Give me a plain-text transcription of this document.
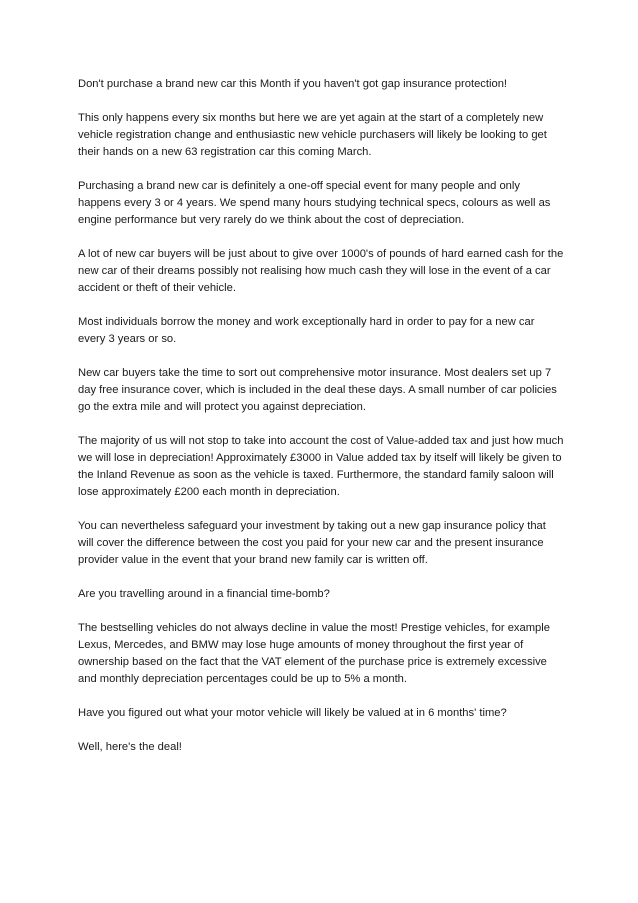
Don't purchase a brand new car this Month if you haven't got gap insurance protection!

This only happens every six months but here we are yet again at the start of a completely new vehicle registration change and enthusiastic new vehicle purchasers will likely be looking to get their hands on a new 63 registration car this coming March.

Purchasing a brand new car is definitely a one-off special event for many people and only happens every 3 or 4 years. We spend many hours studying technical specs, colours as well as engine performance but very rarely do we think about the cost of depreciation.

A lot of new car buyers will be just about to give over 1000's of pounds of hard earned cash for the new car of their dreams possibly not realising how much cash they will lose in the event of a car accident or theft of their vehicle.

Most individuals borrow the money and work exceptionally hard in order to pay for a new car every 3 years or so.

New car buyers take the time to sort out comprehensive motor insurance. Most dealers set up 7 day free insurance cover, which is included in the deal these days. A small number of car policies go the extra mile and will protect you against depreciation.

The majority of us will not stop to take into account the cost of Value-added tax and just how much we will lose in depreciation! Approximately £3000 in Value added tax by itself will likely be given to the Inland Revenue as soon as the vehicle is taxed. Furthermore, the standard family saloon will lose approximately £200 each month in depreciation.

You can nevertheless safeguard your investment by taking out a new gap insurance policy that will cover the difference between the cost you paid for your new car and the present insurance provider value in the event that your brand new family car is written off.

Are you travelling around in a financial time-bomb?

The bestselling vehicles do not always decline in value the most! Prestige vehicles, for example Lexus, Mercedes, and BMW may lose huge amounts of money throughout the first year of ownership based on the fact that the VAT element of the purchase price is extremely excessive and monthly depreciation percentages could be up to 5% a month.

Have you figured out what your motor vehicle will likely be valued at in 6 months' time?

Well, here's the deal!
